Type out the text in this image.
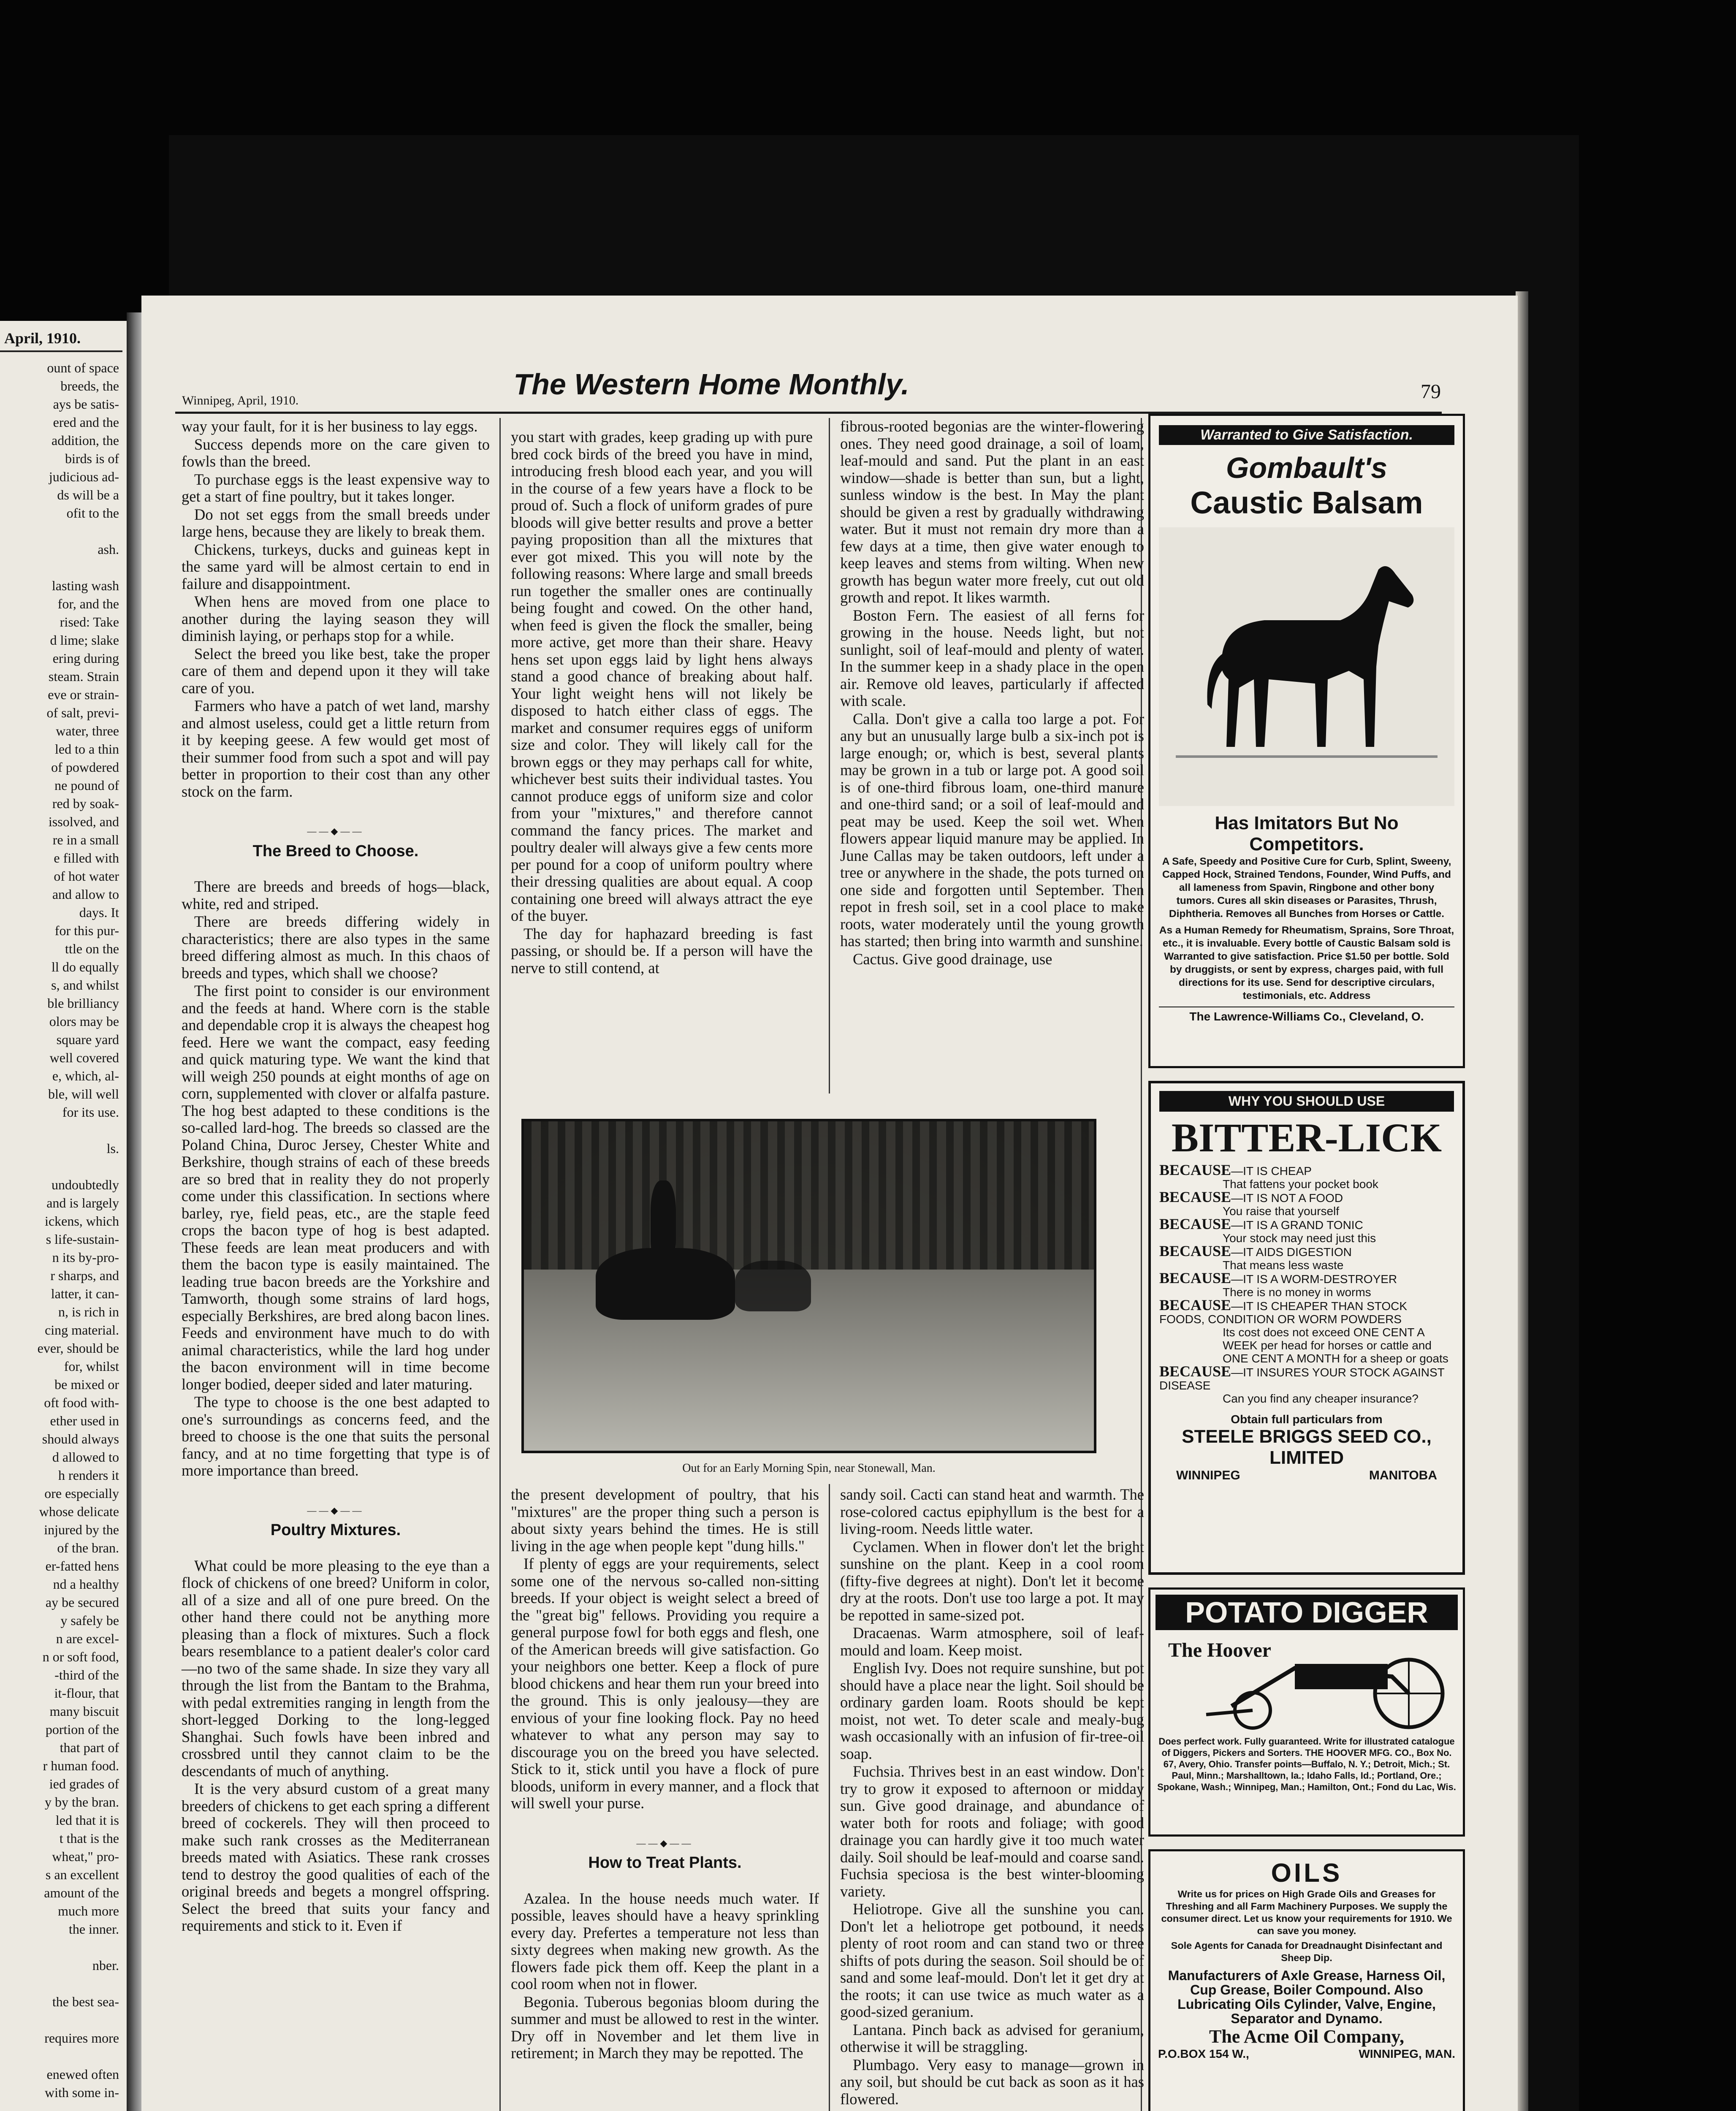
April, 1910.
ount of space
breeds, the
ays be satis-
ered and the
addition, the
birds is of
judicious ad-
ds will be a
ofit to the

ash.

lasting wash
for, and the
rised: Take
d lime; slake
ering during
steam. Strain
eve or strain-
of salt, previ-
water, three
led to a thin
of powdered
ne pound of
red by soak-
issolved, and
re in a small
e filled with
of hot water
and allow to
days. It
for this pur-
ttle on the
ll do equally
s, and whilst
ble brilliancy
olors may be
square yard
well covered
e, which, al-
ble, will well
for its use.

ls.

undoubtedly
and is largely
ickens, which
s life-sustain-
n its by-pro-
r sharps, and
latter, it can-
n, is rich in
cing material.
ever, should be
for, whilst
be mixed or
oft food with-
ether used in
should always
d allowed to
h renders it
ore especially
whose delicate
injured by the
of the bran.
er-fatted hens
nd a healthy
ay be secured
y safely be
n are excel-
n or soft food,
-third of the
it-flour, that
many biscuit
portion of the
that part of
r human food.
ied grades of
y by the bran.
led that it is
t that is the
wheat," pro-
s an excellent
amount of the
much more
the inner.

nber.

the best sea-

requires more

enewed often
with some in-

Winnipeg, April, 1910.	The Western Home Monthly.	79

way your fault, for it is her business to lay eggs.

Success depends more on the care given to fowls than the breed.

To purchase eggs is the least expensive way to get a start of fine poultry, but it takes longer.

Do not set eggs from the small breeds under large hens, because they are likely to break them.

Chickens, turkeys, ducks and guineas kept in the same yard will be almost certain to end in failure and disappointment.

When hens are moved from one place to another during the laying season they will diminish laying, or perhaps stop for a while.

Select the breed you like best, take the proper care of them and depend upon it they will take care of you.

Farmers who have a patch of wet land, marshy and almost useless, could get a little return from it by keeping geese. A few would get most of their summer food from such a spot and will pay better in proportion to their cost than any other stock on the farm.

——◆——
The Breed to Choose.

There are breeds and breeds of hogs—black, white, red and striped.

There are breeds differing widely in characteristics; there are also types in the same breed differing almost as much. In this chaos of breeds and types, which shall we choose?

The first point to consider is our environment and the feeds at hand. Where corn is the stable and dependable crop it is always the cheapest hog feed. Here we want the compact, easy feeding and quick maturing type. We want the kind that will weigh 250 pounds at eight months of age on corn, supplemented with clover or alfalfa pasture. The hog best adapted to these conditions is the so-called lard-hog. The breeds so classed are the Poland China, Duroc Jersey, Chester White and Berkshire, though strains of each of these breeds are so bred that in reality they do not properly come under this classification. In sections where barley, rye, field peas, etc., are the staple feed crops the bacon type of hog is best adapted. These feeds are lean meat producers and with them the bacon type is easily maintained. The leading true bacon breeds are the Yorkshire and Tamworth, though some strains of lard hogs, especially Berkshires, are bred along bacon lines. Feeds and environment have much to do with animal characteristics, while the lard hog under the bacon environment will in time become longer bodied, deeper sided and later maturing.

The type to choose is the one best adapted to one's surroundings as concerns feed, and the breed to choose is the one that suits the personal fancy, and at no time forgetting that type is of more importance than breed.

——◆——
Poultry Mixtures.

What could be more pleasing to the eye than a flock of chickens of one breed? Uniform in color, all of a size and all of one pure breed. On the other hand there could not be anything more pleasing than a flock of mixtures. Such a flock bears resemblance to a patient dealer's color card—no two of the same shade. In size they vary all through the list from the Bantam to the Brahma, with pedal extremities ranging in length from the short-legged Dorking to the long-legged Shanghai. Such fowls have been inbred and crossbred until they cannot claim to be the descendants of much of anything.

It is the very absurd custom of a great many breeders of chickens to get each spring a different breed of cockerels. They will then proceed to make such rank crosses as the Mediterranean breeds mated with Asiatics. These rank crosses tend to destroy the good qualities of each of the original breeds and begets a mongrel offspring. Select the breed that suits your fancy and requirements and stick to it. Even if

you start with grades, keep grading up with pure bred cock birds of the breed you have in mind, introducing fresh blood each year, and you will in the course of a few years have a flock to be proud of. Such a flock of uniform grades of pure bloods will give better results and prove a better paying proposition than all the mixtures that ever got mixed. This you will note by the following reasons: Where large and small breeds run together the smaller ones are continually being fought and cowed. On the other hand, when feed is given the flock the smaller, being more active, get more than their share. Heavy hens set upon eggs laid by light hens always stand a good chance of breaking about half. Your light weight hens will not likely be disposed to hatch either class of eggs. The market and consumer requires eggs of uniform size and color. They will likely call for the brown eggs or they may perhaps call for white, whichever best suits their individual tastes. You cannot produce eggs of uniform size and color from your "mixtures," and therefore cannot command the fancy prices. The market and poultry dealer will always give a few cents more per pound for a coop of uniform poultry where their dressing qualities are about equal. A coop containing one breed will always attract the eye of the buyer.

The day for haphazard breeding is fast passing, or should be. If a person will have the nerve to still contend, at

fibrous-rooted begonias are the winter-flowering ones. They need good drainage, a soil of loam, leaf-mould and sand. Put the plant in an east window—shade is better than sun, but a light, sunless window is the best. In May the plant should be given a rest by gradually withdrawing water. But it must not remain dry more than a few days at a time, then give water enough to keep leaves and stems from wilting. When new growth has begun water more freely, cut out old growth and repot. It likes warmth.

Boston Fern. The easiest of all ferns for growing in the house. Needs light, but not sunlight, soil of leaf-mould and plenty of water. In the summer keep in a shady place in the open air. Remove old leaves, particularly if affected with scale.

Calla. Don't give a calla too large a pot. For any but an unusually large bulb a six-inch pot is large enough; or, which is best, several plants may be grown in a tub or large pot. A good soil is of one-third fibrous loam, one-third manure and one-third sand; or a soil of leaf-mould and peat may be used. Keep the soil wet. When flowers appear liquid manure may be applied. In June Callas may be taken outdoors, left under a tree or anywhere in the shade, the pots turned on one side and forgotten until September. Then repot in fresh soil, set in a cool place to make roots, water moderately until the young growth has started; then bring into warmth and sunshine.

Cactus. Give good drainage, use

Out for an Early Morning Spin, near Stonewall, Man.

the present development of poultry, that his "mixtures" are the proper thing such a person is about sixty years behind the times. He is still living in the age when people kept "dung hills."

If plenty of eggs are your requirements, select some one of the nervous so-called non-sitting breeds. If your object is weight select a breed of the "great big" fellows. Providing you require a general purpose fowl for both eggs and flesh, one of the American breeds will give satisfaction. Go your neighbors one better. Keep a flock of pure blood chickens and hear them run your breed into the ground. This is only jealousy—they are envious of your fine looking flock. Pay no heed whatever to what any person may say to discourage you on the breed you have selected. Stick to it, stick until you have a flock of pure bloods, uniform in every manner, and a flock that will swell your purse.

——◆——
How to Treat Plants.

Azalea. In the house needs much water. If possible, leaves should have a heavy sprinkling every day. Prefertes a temperature not less than sixty degrees when making new growth. As the flowers fade pick them off. Keep the plant in a cool room when not in flower.

Begonia. Tuberous begonias bloom during the summer and must be allowed to rest in the winter. Dry off in November and let them live in retirement; in March they may be repotted. The

sandy soil. Cacti can stand heat and warmth. The rose-colored cactus epiphyllum is the best for a living-room. Needs little water.

Cyclamen. When in flower don't let the bright sunshine on the plant. Keep in a cool room (fifty-five degrees at night). Don't let it become dry at the roots. Don't use too large a pot. It may be repotted in same-sized pot.

Dracaenas. Warm atmosphere, soil of leaf-mould and loam. Keep moist.

English Ivy. Does not require sunshine, but pot should have a place near the light. Soil should be ordinary garden loam. Roots should be kept moist, not wet. To deter scale and mealy-bug wash occasionally with an infusion of fir-tree-oil soap.

Fuchsia. Thrives best in an east window. Don't try to grow it exposed to afternoon or midday sun. Give good drainage, and abundance of water both for roots and foliage; with good drainage you can hardly give it too much water daily. Soil should be leaf-mould and coarse sand. Fuchsia speciosa is the best winter-blooming variety.

Heliotrope. Give all the sunshine you can. Don't let a heliotrope get potbound, it needs plenty of root room and can stand two or three shifts of pots during the season. Soil should be of sand and some leaf-mould. Don't let it get dry at the roots; it can use twice as much water as a good-sized geranium.

Lantana. Pinch back as advised for geranium, otherwise it will be straggling.

Plumbago. Very easy to manage—grown in any soil, but should be cut back as soon as it has flowered.

Warranted to Give Satisfaction.
Gombault's
Caustic Balsam
Has Imitators But No Competitors.
A Safe, Speedy and Positive Cure for Curb, Splint, Sweeny, Capped Hock, Strained Tendons, Founder, Wind Puffs, and all lameness from Spavin, Ringbone and other bony tumors. Cures all skin diseases or Parasites, Thrush, Diphtheria. Removes all Bunches from Horses or Cattle.
As a Human Remedy for Rheumatism, Sprains, Sore Throat, etc., it is invaluable. Every bottle of Caustic Balsam sold is Warranted to give satisfaction. Price $1.50 per bottle. Sold by druggists, or sent by express, charges paid, with full directions for its use. Send for descriptive circulars, testimonials, etc. Address
The Lawrence-Williams Co., Cleveland, O.
WHY YOU SHOULD USE
BITTER-LICK
BECAUSE—IT IS CHEAP
That fattens your pocket book
BECAUSE—IT IS NOT A FOOD
You raise that yourself
BECAUSE—IT IS A GRAND TONIC
Your stock may need just this
BECAUSE—IT AIDS DIGESTION
That means less waste
BECAUSE—IT IS A WORM-DESTROYER
There is no money in worms
BECAUSE—IT IS CHEAPER THAN STOCK FOODS, CONDITION OR WORM POWDERS
Its cost does not exceed ONE CENT A WEEK per head for horses or cattle and ONE CENT A MONTH for a sheep or goats
BECAUSE—IT INSURES YOUR STOCK AGAINST DISEASE
Can you find any cheaper insurance?
Obtain full particulars from
STEELE BRIGGS SEED CO., LIMITED
WINNIPEG	MANITOBA
POTATO DIGGER
The Hoover
Does perfect work. Fully guaranteed. Write for illustrated catalogue of Diggers, Pickers and Sorters. THE HOOVER MFG. CO., Box No. 67, Avery, Ohio. Transfer points—Buffalo, N. Y.; Detroit, Mich.; St. Paul, Minn.; Marshalltown, Ia.; Idaho Falls, Id.; Portland, Ore.; Spokane, Wash.; Winnipeg, Man.; Hamilton, Ont.; Fond du Lac, Wis.
OILS
Write us for prices on High Grade Oils and Greases for Threshing and all Farm Machinery Purposes. We supply the consumer direct. Let us know your requirements for 1910. We can save you money.
Sole Agents for Canada for Dreadnaught Disinfectant and Sheep Dip.
Manufacturers of Axle Grease, Harness Oil, Cup Grease, Boiler Compound. Also Lubricating Oils Cylinder, Valve, Engine, Separator and Dynamo.
The Acme Oil Company,
P.O.BOX 154 W.,	WINNIPEG, MAN.
